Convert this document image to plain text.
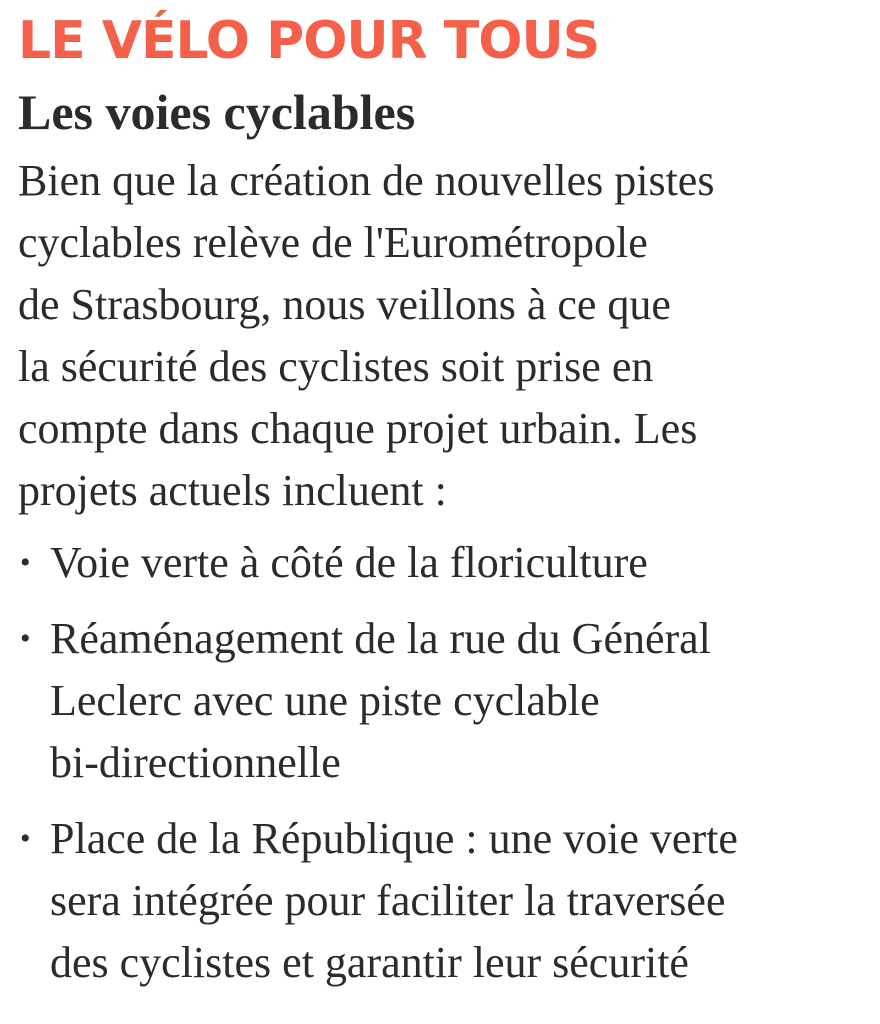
LE VÉLO POUR TOUS
Les voies cyclables

Bien que la création de nouvelles pistes
cyclables relève de l'Eurométropole
de Strasbourg, nous veillons à ce que
la sécurité des cyclistes soit prise en
compte dans chaque projet urbain. Les
projets actuels incluent :

• Voie verte à côté de la floriculture
• Réaménagement de la rue du Général
Leclerc avec une piste cyclable
bi-directionnelle
• Place de la République : une voie verte
sera intégrée pour faciliter la traversée
des cyclistes et garantir leur sécurité
